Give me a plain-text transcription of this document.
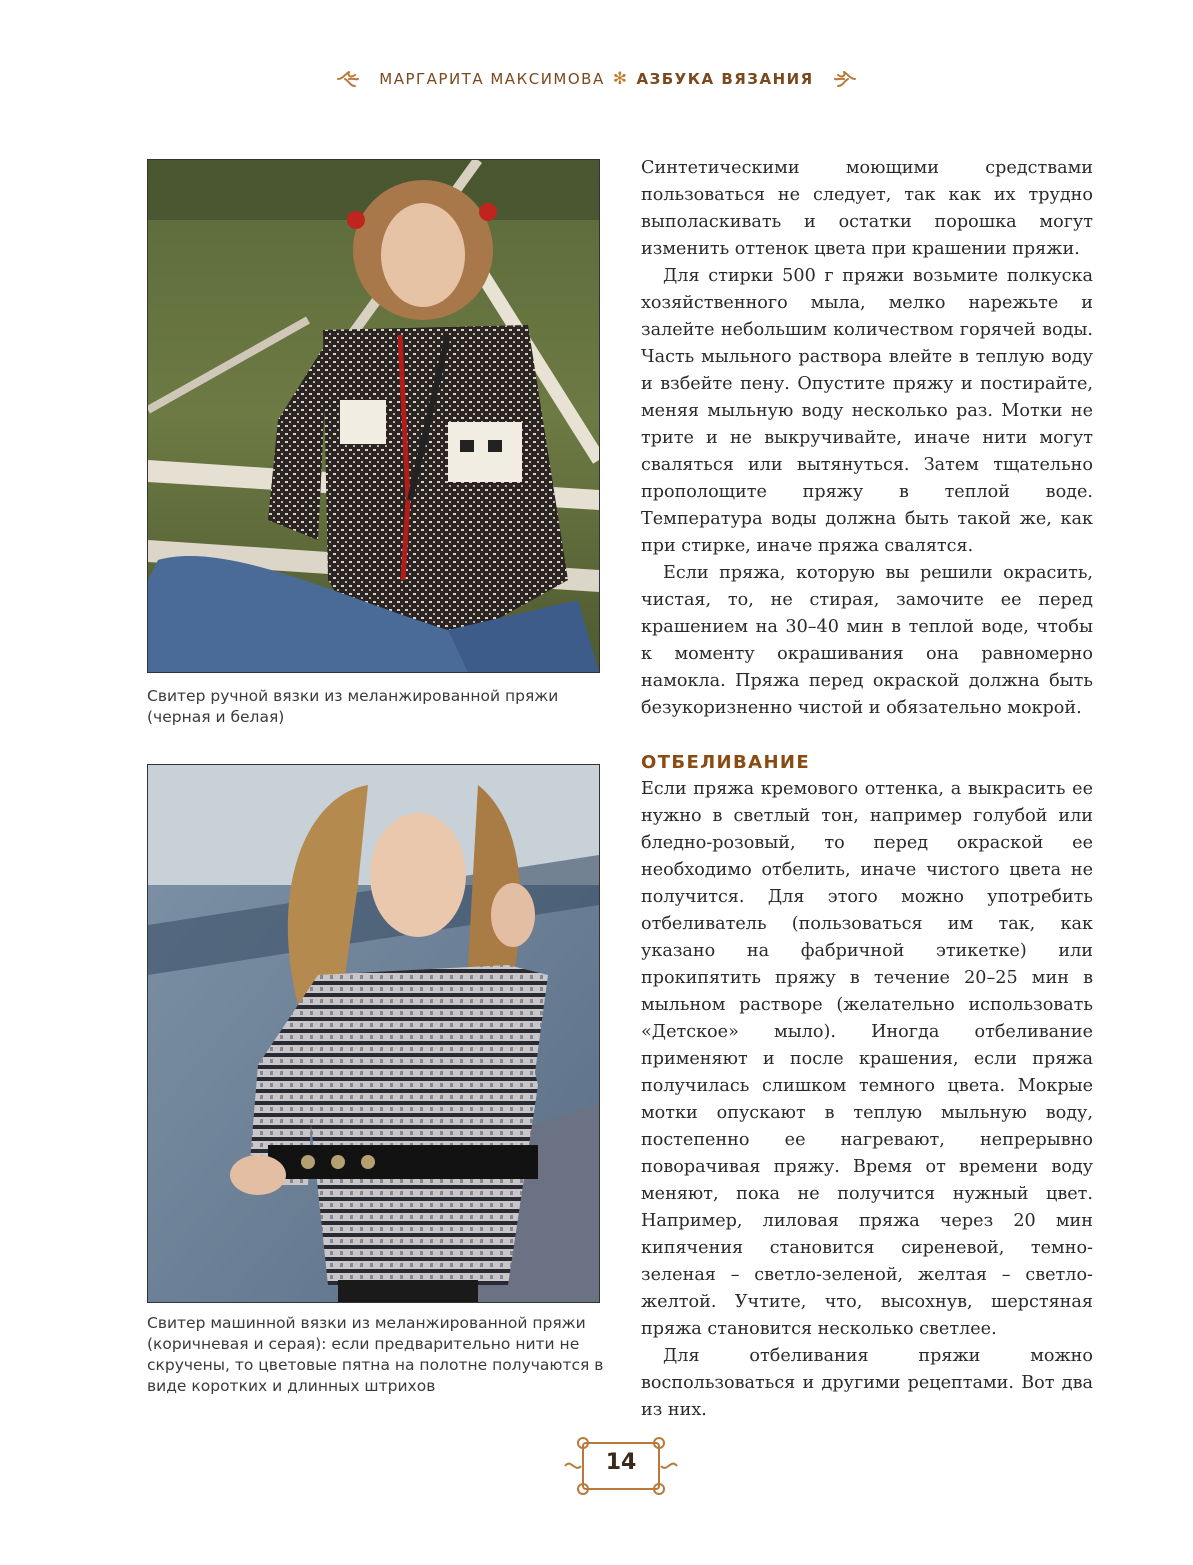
МАРГАРИТА МАКСИМОВА ✻ АЗБУКА ВЯЗАНИЯ
Свитер ручной вязки из меланжированной пряжи (черная и белая)
Свитер машинной вязки из меланжированной пряжи (коричневая и серая): если предварительно нити не скручены, то цветовые пятна на полотне получаются в виде коротких и длинных штрихов

Синтетическими моющими средствами пользоваться не следует, так как их трудно выполаскивать и остатки порошка могут изменить оттенок цвета при крашении пряжи.

Для стирки 500 г пряжи возьмите полкуска хозяйственного мыла, мелко нарежьте и залейте небольшим количеством горячей воды. Часть мыльного раствора влейте в теплую воду и взбейте пену. Опустите пряжу и постирайте, меняя мыльную воду несколько раз. Мотки не трите и не выкручивайте, иначе нити могут сваляться или вытянуться. Затем тщательно прополощите пряжу в теплой воде. Температура воды должна быть такой же, как при стирке, иначе пряжа свалятся.

Если пряжа, которую вы решили окрасить, чистая, то, не стирая, замочите ее перед крашением на 30–40 мин в теплой воде, чтобы к моменту окрашивания она равномерно намокла. Пряжа перед окраской должна быть безукоризненно чистой и обязательно мокрой.

ОТБЕЛИВАНИЕ

Если пряжа кремового оттенка, а выкрасить ее нужно в светлый тон, например голубой или бледно-розовый, то перед окраской ее необходимо отбелить, иначе чистого цвета не получится. Для этого можно употребить отбеливатель (пользоваться им так, как указано на фабричной этикетке) или прокипятить пряжу в течение 20–25 мин в мыльном растворе (желательно использовать «Детское» мыло). Иногда отбеливание применяют и после крашения, если пряжа получилась слишком темного цвета. Мокрые мотки опускают в теплую мыльную воду, постепенно ее нагревают, непрерывно поворачивая пряжу. Время от времени воду меняют, пока не получится нужный цвет. Например, лиловая пряжа через 20 мин кипячения становится сиреневой, темно-зеленая – светло-зеленой, желтая – светло-желтой. Учтите, что, высохнув, шерстяная пряжа становится несколько светлее.

Для отбеливания пряжи можно воспользоваться и другими рецептами. Вот два из них.

14
